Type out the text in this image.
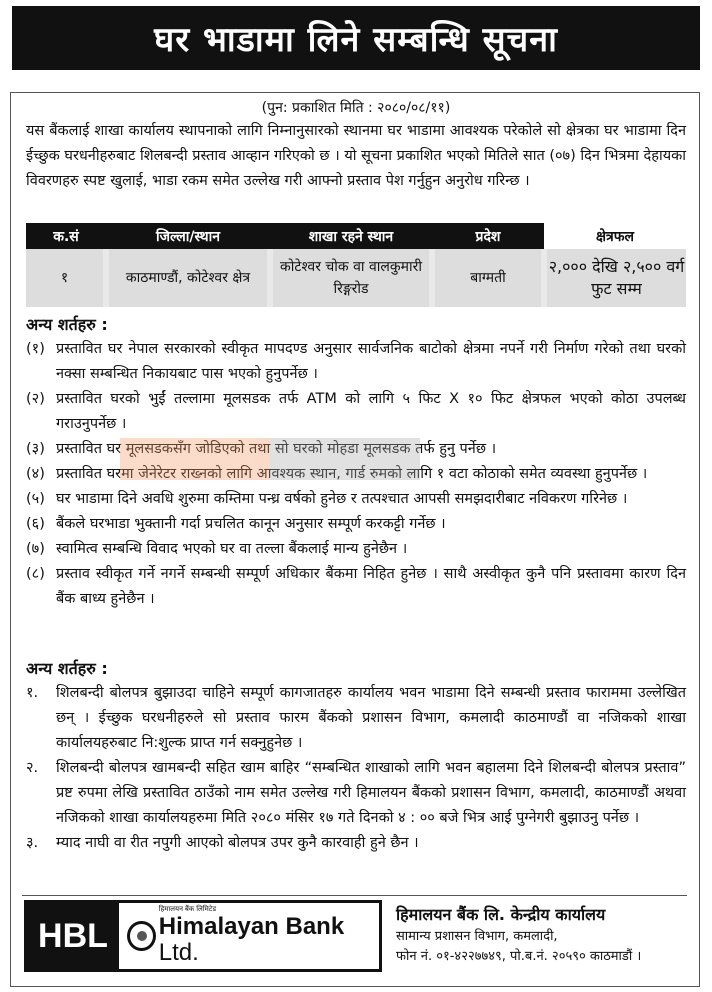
घर भाडामा लिने सम्बन्धि सूचना
(पुन: प्रकाशित मिति : २०८०/०८/११)
यस बैंकलाई शाखा कार्यालय स्थापनाको लागि निम्नानुसारको स्थानमा घर भाडामा आवश्यक परेकोले सो क्षेत्रका घर भाडामा दिन ईच्छुक घरधनीहरुबाट शिलबन्दी प्रस्ताव आव्हान गरिएको छ । यो सूचना प्रकाशित भएको मितिले सात (०७) दिन भित्रमा देहायका विवरणहरु स्पष्ट खुलाई, भाडा रकम समेत उल्लेख गरी आफ्नो प्रस्ताव पेश गर्नुहुन अनुरोध गरिन्छ ।
क.सं	जिल्ला/स्थान	शाखा रहने स्थान	प्रदेश	क्षेत्रफल
१	काठमाण्डौं, कोटेश्वर क्षेत्र	कोटेश्वर चोक वा वालकुमारी रिङ्गरोड	बाग्मती	२,००० देखि २,५०० वर्ग फुट सम्म
अन्य शर्तहरु :
(१) प्रस्तावित घर नेपाल सरकारको स्वीकृत मापदण्ड अनुसार सार्वजनिक बाटोको क्षेत्रमा नपर्ने गरी निर्माण गरेको तथा घरको नक्सा सम्बन्धित निकायबाट पास भएको हुनुपर्नेछ ।
(२) प्रस्तावित घरको भुईं तल्लामा मूलसडक तर्फ ATM को लागि ५ फिट X १० फिट क्षेत्रफल भएको कोठा उपलब्ध गराउनुपर्नेछ ।
(३) प्रस्तावित घर मूलसडकसँग जोडिएको तथा सो घरको मोहडा मूलसडक तर्फ हुनु पर्नेछ ।
(४) प्रस्तावित घरमा जेनेरेटर राख्नको लागि आवश्यक स्थान, गार्ड रुमको लागि १ वटा कोठाको समेत व्यवस्था हुनुपर्नेछ ।
(५) घर भाडामा दिने अवधि शुरुमा कम्तिमा पन्ध्र वर्षको हुनेछ र तत्पश्चात आपसी समझदारीबाट नविकरण गरिनेछ ।
(६) बैंकले घरभाडा भुक्तानी गर्दा प्रचलित कानून अनुसार सम्पूर्ण करकट्टी गर्नेछ ।
(७) स्वामित्व सम्बन्धि विवाद भएको घर वा तल्ला बैंकलाई मान्य हुनेछैन ।
(८) प्रस्ताव स्वीकृत गर्ने नगर्ने सम्बन्धी सम्पूर्ण अधिकार बैंकमा निहित हुनेछ । साथै अस्वीकृत कुनै पनि प्रस्तावमा कारण दिन बैंक बाध्य हुनेछैन ।
अन्य शर्तहरु :
१.	शिलबन्दी बोलपत्र बुझाउदा चाहिने सम्पूर्ण कागजातहरु कार्यालय भवन भाडामा दिने सम्बन्धी प्रस्ताव फाराममा उल्लेखित छन् । ईच्छुक घरधनीहरुले सो प्रस्ताव फारम बैंकको प्रशासन विभाग, कमलादी काठमाण्डौं वा नजिकको शाखा कार्यालयहरुबाट नि:शुल्क प्राप्त गर्न सक्नुहुनेछ ।
२.	शिलबन्दी बोलपत्र खामबन्दी सहित खाम बाहिर “सम्बन्धित शाखाको लागि भवन बहालमा दिने शिलबन्दी बोलपत्र प्रस्ताव” प्रष्ट रुपमा लेखि प्रस्तावित ठाउँको नाम समेत उल्लेख गरी हिमालयन बैंकको प्रशासन विभाग, कमलादी, काठमाण्डौं अथवा नजिकको शाखा कार्यालयहरुमा मिति २०८० मंसिर १७ गते दिनको ४ : ०० बजे भित्र आई पुग्नेगरी बुझाउनु पर्नेछ ।
३.	म्याद नाघी वा रीत नपुगी आएको बोलपत्र उपर कुनै कारवाही हुने छैन ।
HBL
हिमालयन बैंक लिमिटेड
Himalayan Bank Ltd.
हिमालयन बैंक लि. केन्द्रीय कार्यालय
सामान्य प्रशासन विभाग, कमलादी,
फोन नं. ०१-४२२७७४९, पो.ब.नं. २०५९० काठमाडौं ।
